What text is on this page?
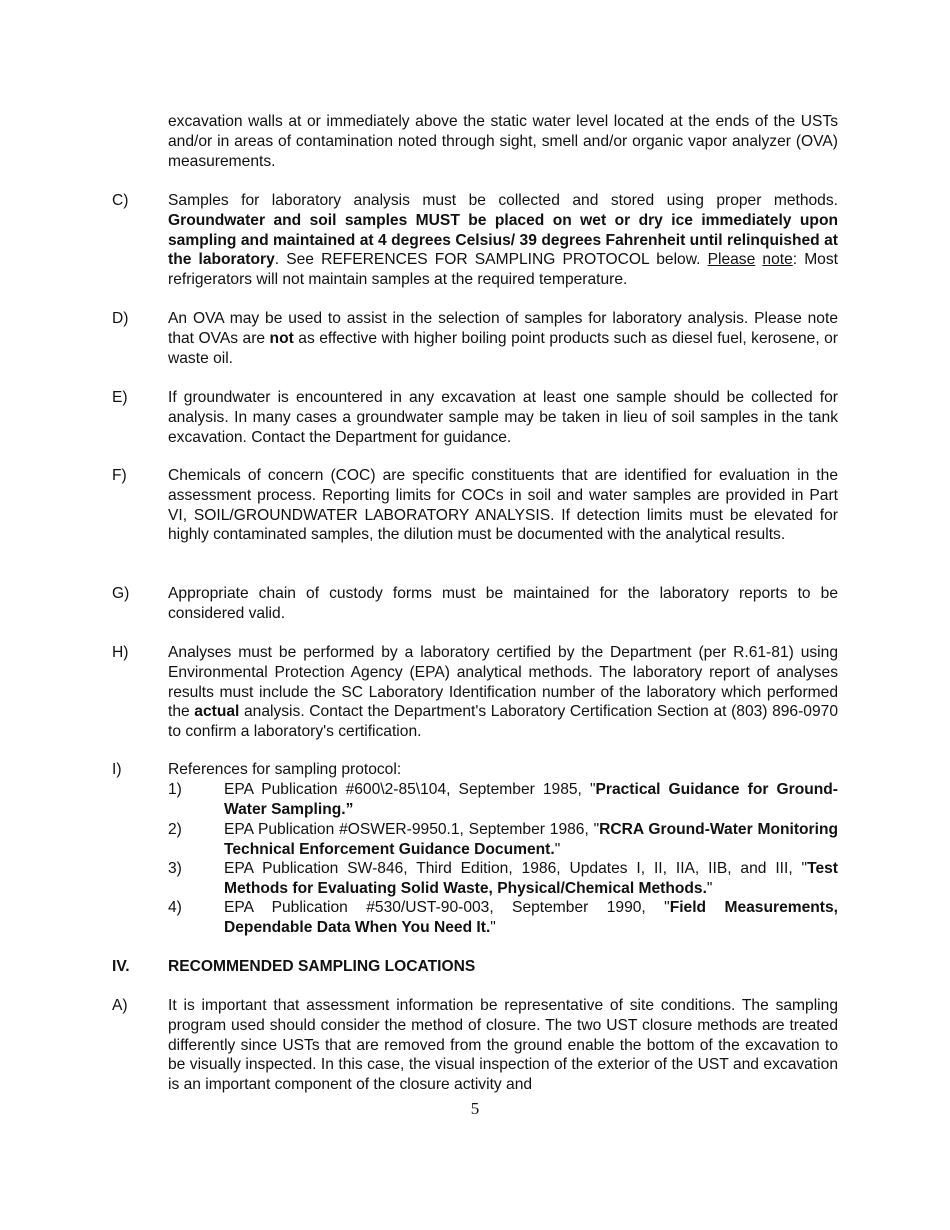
excavation walls at or immediately above the static water level located at the ends of the USTs and/or in areas of contamination noted through sight, smell and/or organic vapor analyzer (OVA) measurements.
C)	Samples for laboratory analysis must be collected and stored using proper methods. Groundwater and soil samples MUST be placed on wet or dry ice immediately upon sampling and maintained at 4 degrees Celsius/ 39 degrees Fahrenheit until relinquished at the laboratory. See REFERENCES FOR SAMPLING PROTOCOL below. Please note: Most refrigerators will not maintain samples at the required temperature.
D)	An OVA may be used to assist in the selection of samples for laboratory analysis. Please note that OVAs are not as effective with higher boiling point products such as diesel fuel, kerosene, or waste oil.
E)	If groundwater is encountered in any excavation at least one sample should be collected for analysis. In many cases a groundwater sample may be taken in lieu of soil samples in the tank excavation. Contact the Department for guidance.
F)	Chemicals of concern (COC) are specific constituents that are identified for evaluation in the assessment process. Reporting limits for COCs in soil and water samples are provided in Part VI, SOIL/GROUNDWATER LABORATORY ANALYSIS. If detection limits must be elevated for highly contaminated samples, the dilution must be documented with the analytical results.
G) Appropriate chain of custody forms must be maintained for the laboratory reports to be considered valid.
H)	Analyses must be performed by a laboratory certified by the Department (per R.61-81) using Environmental Protection Agency (EPA) analytical methods. The laboratory report of analyses results must include the SC Laboratory Identification number of the laboratory which performed the actual analysis. Contact the Department's Laboratory Certification Section at (803) 896-0970 to confirm a laboratory's certification.
I)	References for sampling protocol:
1)	EPA Publication #600\2-85\104, September 1985, "Practical Guidance for Ground-Water Sampling.”
2)	EPA Publication #OSWER-9950.1, September 1986, "RCRA Ground-Water Monitoring Technical Enforcement Guidance Document."
3)	EPA Publication SW-846, Third Edition, 1986, Updates I, II, IIA, IIB, and III, "Test Methods for Evaluating Solid Waste, Physical/Chemical Methods."
4)	EPA Publication #530/UST-90-003, September 1990, "Field Measurements, Dependable Data When You Need It."
IV. RECOMMENDED SAMPLING LOCATIONS
A)	It is important that assessment information be representative of site conditions. The sampling program used should consider the method of closure. The two UST closure methods are treated differently since USTs that are removed from the ground enable the bottom of the excavation to be visually inspected. In this case, the visual inspection of the exterior of the UST and excavation is an important component of the closure activity and
5
